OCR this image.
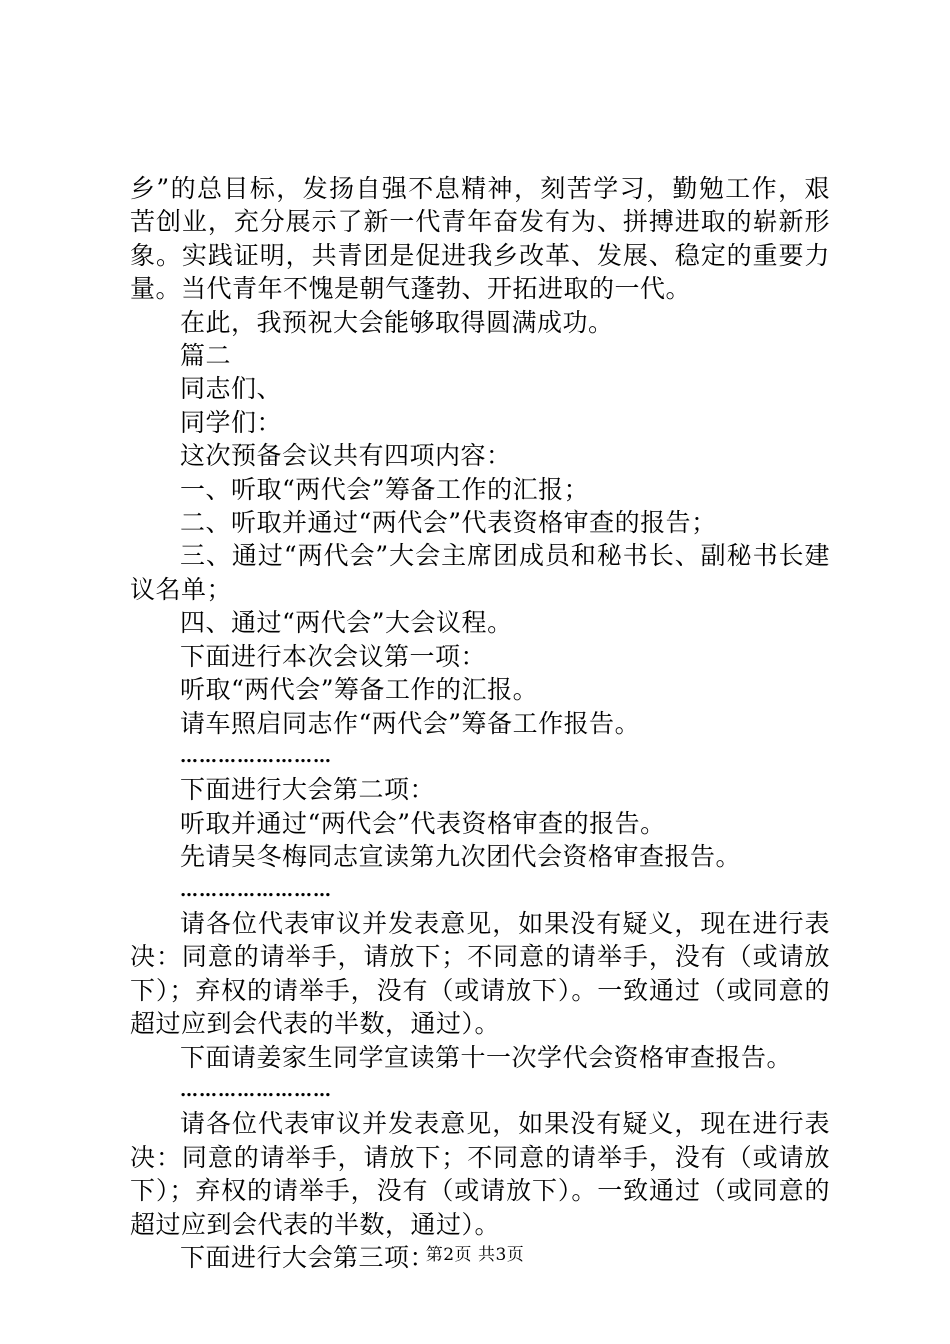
乡”的总目标，发扬自强不息精神，刻苦学习，勤勉工作，艰苦创业，充分展示了新一代青年奋发有为、拼搏进取的崭新形象。实践证明，共青团是促进我乡改革、发展、稳定的重要力量。当代青年不愧是朝气蓬勃、开拓进取的一代。

在此，我预祝大会能够取得圆满成功。

篇二

同志们、

同学们：

这次预备会议共有四项内容：

一、听取“两代会”筹备工作的汇报；

二、听取并通过“两代会”代表资格审查的报告；

三、通过“两代会”大会主席团成员和秘书长、副秘书长建议名单；

四、通过“两代会”大会议程。

下面进行本次会议第一项：

听取“两代会”筹备工作的汇报。

请车照启同志作“两代会”筹备工作报告。

……………………

下面进行大会第二项：

听取并通过“两代会”代表资格审查的报告。

先请吴冬梅同志宣读第九次团代会资格审查报告。

……………………

请各位代表审议并发表意见，如果没有疑义，现在进行表决：同意的请举手，请放下；不同意的请举手，没有（或请放下）；弃权的请举手，没有（或请放下）。一致通过（或同意的超过应到会代表的半数，通过）。

下面请姜家生同学宣读第十一次学代会资格审查报告。

……………………

请各位代表审议并发表意见，如果没有疑义，现在进行表决：同意的请举手，请放下；不同意的请举手，没有（或请放下）；弃权的请举手，没有（或请放下）。一致通过（或同意的超过应到会代表的半数，通过）。

下面进行大会第三项：

第2页 共3页
